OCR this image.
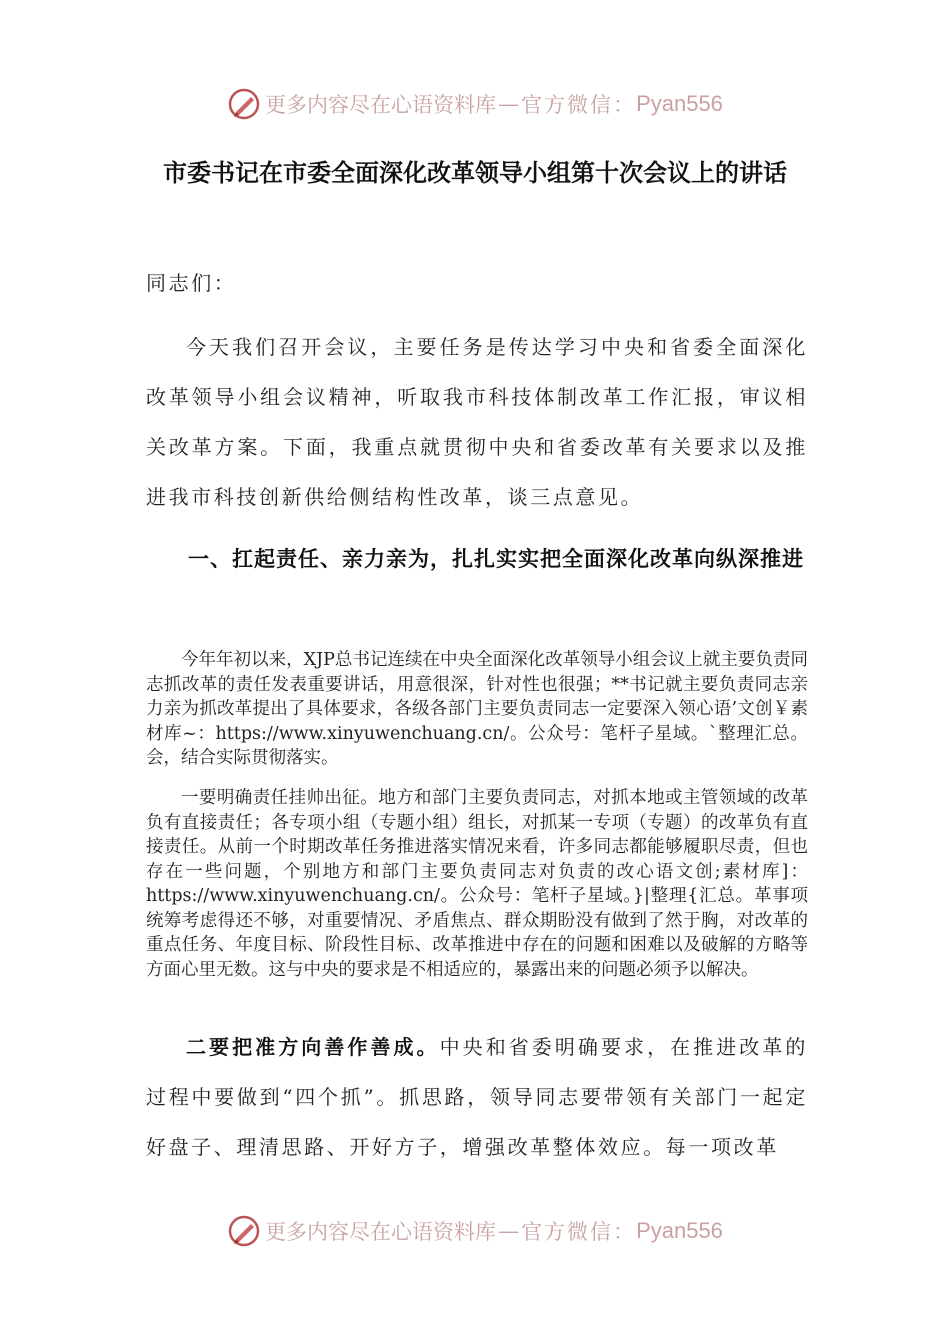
更多内容尽在心语资料库 — 官方微信： Pyan556
市委书记在市委全面深化改革领导小组第十次会议上的讲话
同志们：
今天我们召开会议，主要任务是传达学习中央和省委全面深化改革领导小组会议精神，听取我市科技体制改革工作汇报，审议相关改革方案。下面，我重点就贯彻中央和省委改革有关要求以及推进我市科技创新供给侧结构性改革，谈三点意见。
一、扛起责任、亲力亲为，扎扎实实把全面深化改革向纵深推进
今年年初以来，XJP总书记连续在中央全面深化改革领导小组会议上就主要负责同志抓改革的责任发表重要讲话，用意很深，针对性也很强；**书记就主要负责同志亲力亲为抓改革提出了具体要求，各级各部门主要负责同志一定要深入领心语’文创￥素材库~：https://www.xinyuwenchuang.cn/。公众号：笔杆子星域。`整理汇总。会，结合实际贯彻落实。
一要明确责任挂帅出征。地方和部门主要负责同志，对抓本地或主管领域的改革负有直接责任；各专项小组（专题小组）组长，对抓某一专项（专题）的改革负有直接责任。从前一个时期改革任务推进落实情况来看，许多同志都能够履职尽责，但也存在一些问题，个别地方和部门主要负责同志对负责的改心语文创;素材库]：https://www.xinyuwenchuang.cn/。公众号：笔杆子星域。}|整理{汇总。革事项统筹考虑得还不够，对重要情况、矛盾焦点、群众期盼没有做到了然于胸，对改革的重点任务、年度目标、阶段性目标、改革推进中存在的问题和困难以及破解的方略等方面心里无数。这与中央的要求是不相适应的，暴露出来的问题必须予以解决。
二要把准方向善作善成。中央和省委明确要求，在推进改革的过程中要做到“四个抓”。抓思路，领导同志要带领有关部门一起定好盘子、理清思路、开好方子，增强改革整体效应。每一项改革
更多内容尽在心语资料库 — 官方微信： Pyan556
